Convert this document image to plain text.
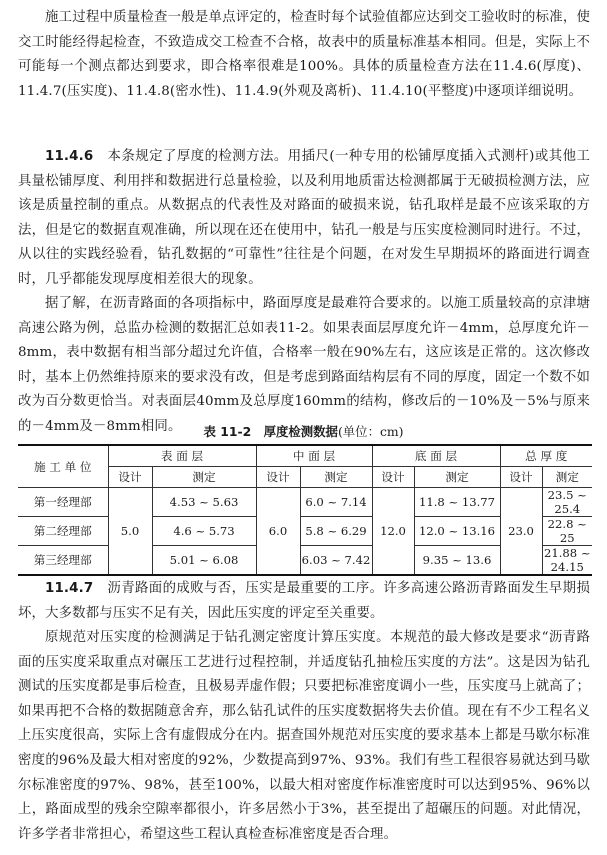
施工过程中质量检查一般是单点评定的，检查时每个试验值都应达到交工验收时的标准，使交工时能经得起检查，不致造成交工检查不合格，故表中的质量标准基本相同。但是，实际上不可能每一个测点都达到要求，即合格率很难是100%。具体的质量检查方法在11.4.6(厚度)、11.4.7(压实度)、11.4.8(密水性)、11.4.9(外观及离析)、11.4.10(平整度)中逐项详细说明。

11.4.6　 本条规定了厚度的检测方法。用插尺(一种专用的松铺厚度插入式测杆)或其他工具量松铺厚度、利用拌和数据进行总量检验，以及利用地质雷达检测都属于无破损检测方法，应该是质量控制的重点。从数据点的代表性及对路面的破损来说，钻孔取样是最不应该采取的方法，但是它的数据直观准确，所以现在还在使用中，钻孔一般是与压实度检测同时进行。不过，从以往的实践经验看，钻孔数据的“可靠性”往往是个问题，在对发生早期损坏的路面进行调查时，几乎都能发现厚度相差很大的现象。

据了解，在沥青路面的各项指标中，路面厚度是最难符合要求的。以施工质量较高的京津塘高速公路为例，总监办检测的数据汇总如表11-2。如果表面层厚度允许－4mm，总厚度允许－8mm，表中数据有相当部分超过允许值，合格率一般在90%左右，这应该是正常的。这次修改时，基本上仍然维持原来的要求没有改，但是考虑到路面结构层有不同的厚度，固定一个数不如改为百分数更恰当。对表面层40mm及总厚度160mm的结构，修改后的－10%及－5%与原来的－4mm及－8mm相同。	表 11-2　 厚度检测数据(单位：cm)
施 工 单 位	表 面 层		中 面 层		底 面 层		总 厚 度	
	设计	测定	设计	测定	设计	测定	设计	测定
第一经理部	5.0	4.53 ~ 5.63	6.0	6.0 ~ 7.14	12.0	11.8 ~ 13.77	23.0	23.5 ~ 25.4
第二经理部		4.6 ~ 5.73		5.8 ~ 6.29		12.0 ~ 13.16		22.8 ~ 25
第三经理部		5.01 ~ 6.08		6.03 ~ 7.42		9.35 ~ 13.6		21.88 ~ 24.15

11.4.7　 沥青路面的成败与否，压实是最重要的工序。许多高速公路沥青路面发生早期损坏，大多数都与压实不足有关，因此压实度的评定至关重要。

原规范对压实度的检测满足于钻孔测定密度计算压实度。本规范的最大修改是要求“沥青路面的压实度采取重点对碾压工艺进行过程控制，并适度钻孔抽检压实度的方法”。这是因为钻孔测试的压实度都是事后检查，且极易弄虚作假；只要把标准密度调小一些，压实度马上就高了；如果再把不合格的数据随意舍弃，那么钻孔试件的压实度数据将失去价值。现在有不少工程名义上压实度很高，实际上含有虚假成分在内。据查国外规范对压实度的要求基本上都是马歇尔标准密度的96%及最大相对密度的92%，少数提高到97%、93%。我们有些工程很容易就达到马歇尔标准密度的97%、98%，甚至100%，以最大相对密度作标准密度时可以达到95%、96%以上，路面成型的残余空隙率都很小，许多居然小于3%，甚至提出了超碾压的问题。对此情况，许多学者非常担心，希望这些工程认真检查标准密度是否合理。
